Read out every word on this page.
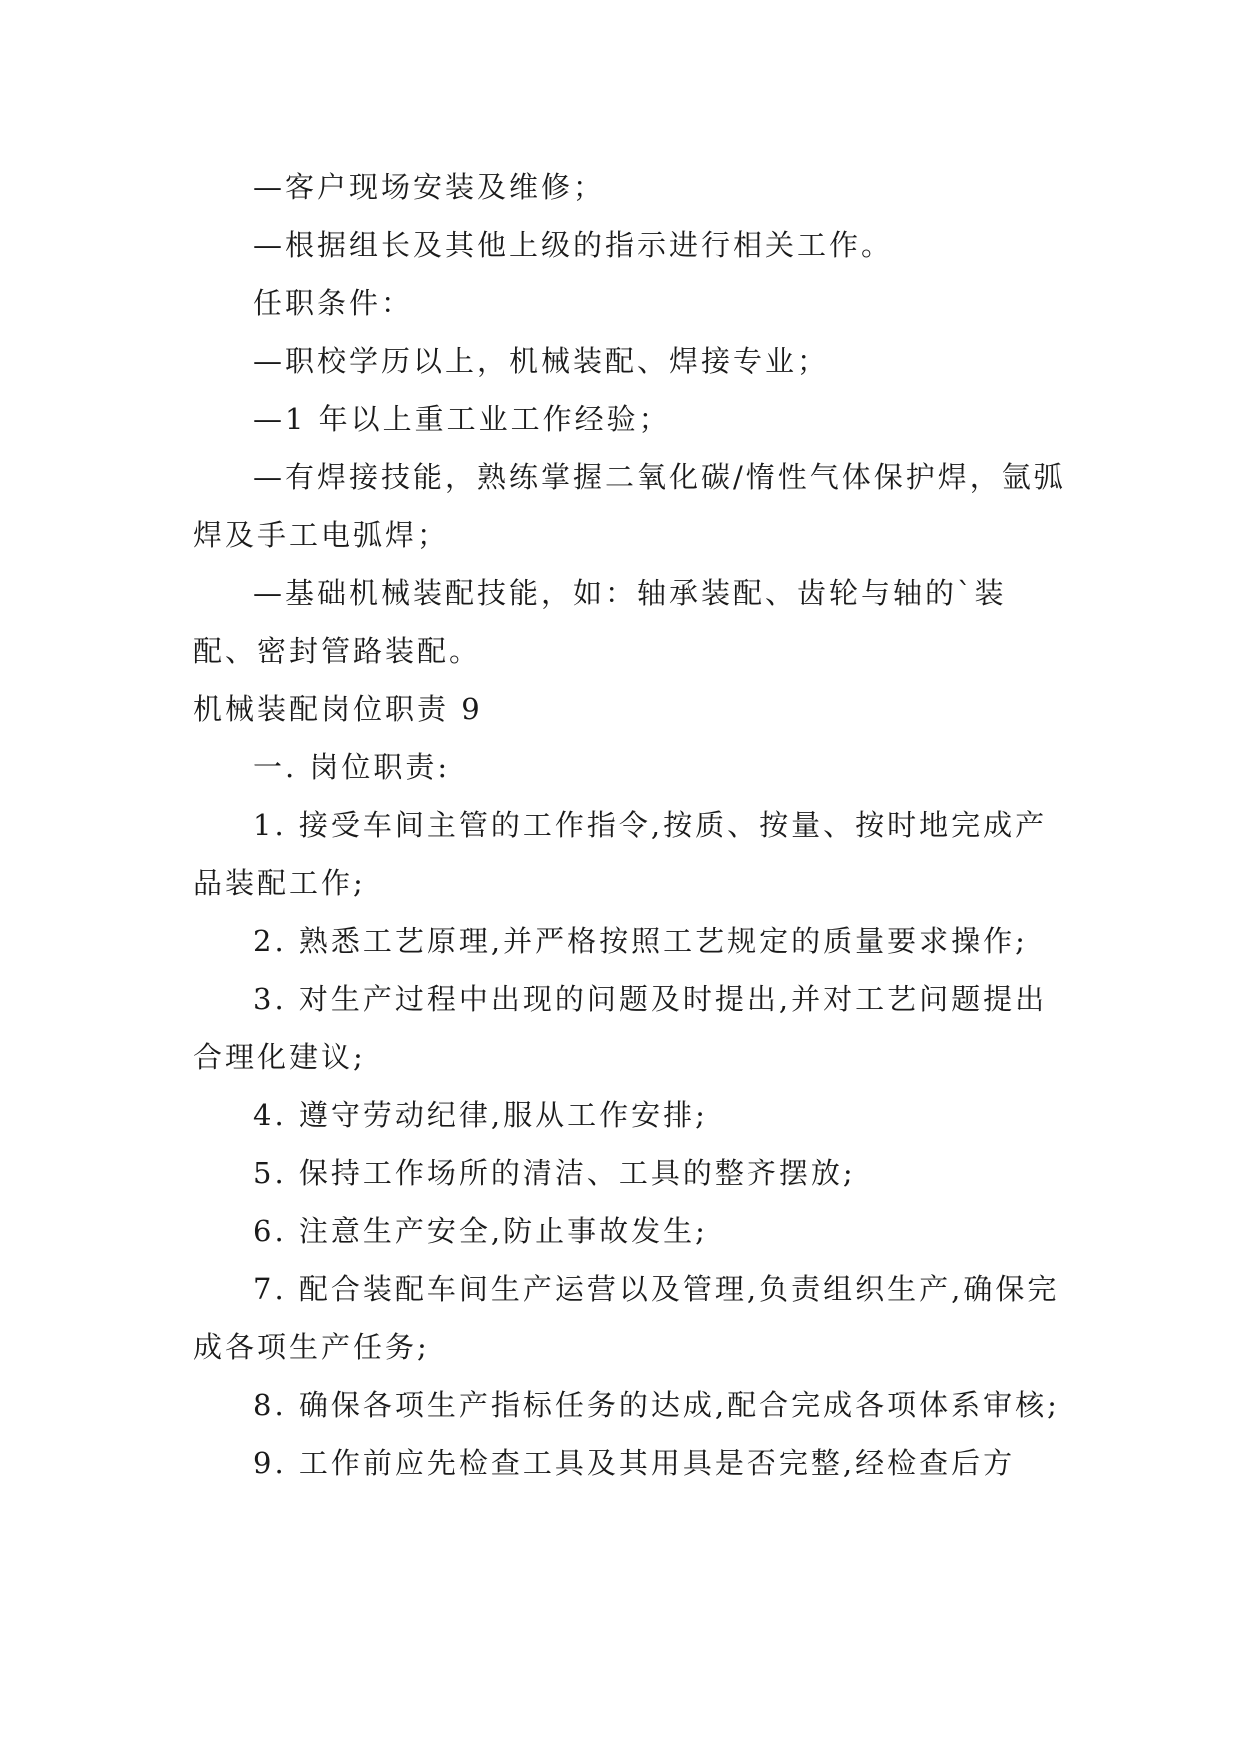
—客户现场安装及维修；

—根据组长及其他上级的指示进行相关工作。

任职条件：

—职校学历以上，机械装配、焊接专业；

—1 年以上重工业工作经验；

—有焊接技能，熟练掌握二氧化碳/惰性气体保护焊，氩弧焊及手工电弧焊；

—基础机械装配技能，如：轴承装配、齿轮与轴的`装配、密封管路装配。

机械装配岗位职责 9

一. 岗位职责:

1. 接受车间主管的工作指令,按质、按量、按时地完成产品装配工作;

2. 熟悉工艺原理,并严格按照工艺规定的质量要求操作;

3. 对生产过程中出现的问题及时提出,并对工艺问题提出合理化建议;

4. 遵守劳动纪律,服从工作安排;

5. 保持工作场所的清洁、工具的整齐摆放;

6. 注意生产安全,防止事故发生;

7. 配合装配车间生产运营以及管理,负责组织生产,确保完成各项生产任务;

8. 确保各项生产指标任务的达成,配合完成各项体系审核;

9. 工作前应先检查工具及其用具是否完整,经检查后方
